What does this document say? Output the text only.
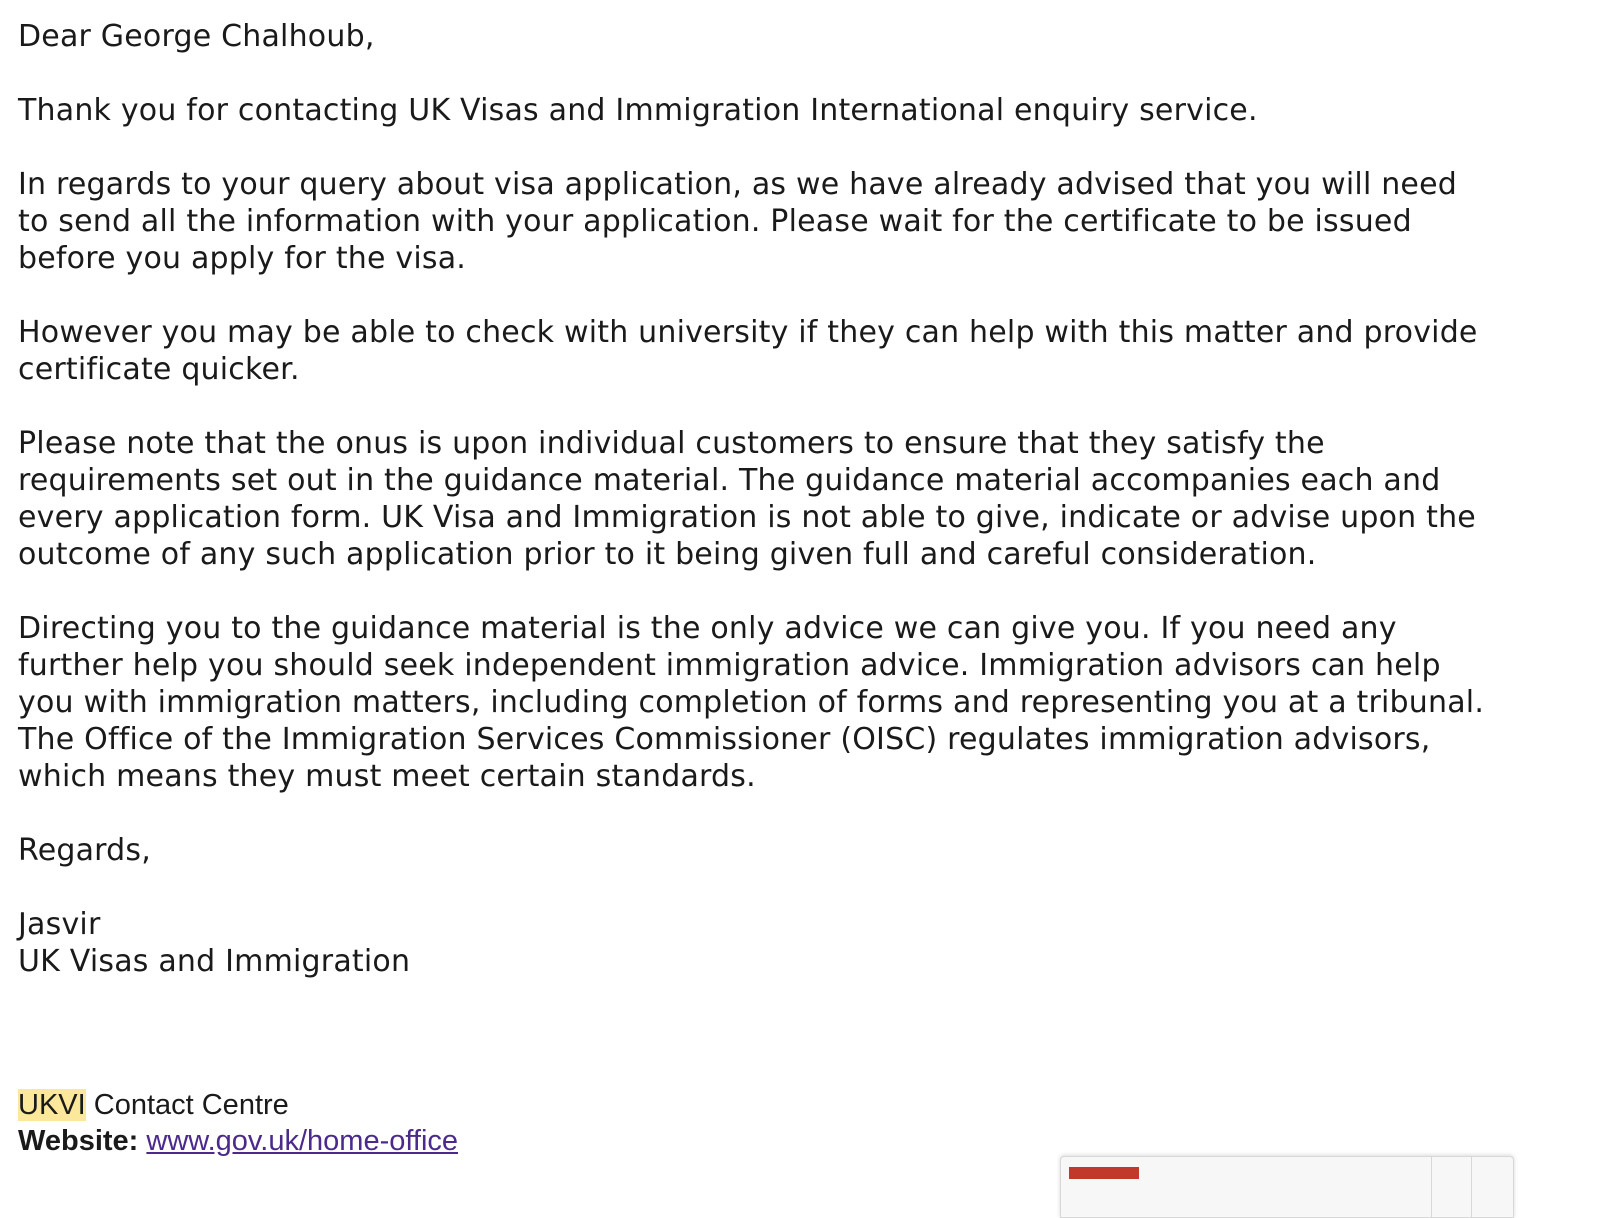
Dear George Chalhoub,

Thank you for contacting UK Visas and Immigration International enquiry service.

In regards to your query about visa application, as we have already advised that you will need
to send all the information with your application. Please wait for the certificate to be issued
before you apply for the visa.

However you may be able to check with university if they can help with this matter and provide
certificate quicker.

Please note that the onus is upon individual customers to ensure that they satisfy the
requirements set out in the guidance material. The guidance material accompanies each and
every application form. UK Visa and Immigration is not able to give, indicate or advise upon the
outcome of any such application prior to it being given full and careful consideration.

Directing you to the guidance material is the only advice we can give you. If you need any
further help you should seek independent immigration advice. Immigration advisors can help
you with immigration matters, including completion of forms and representing you at a tribunal.
The Office of the Immigration Services Commissioner (OISC) regulates immigration advisors,
which means they must meet certain standards.

Regards,

Jasvir
UK Visas and Immigration

UKVI Contact Centre
Website: www.gov.uk/home-office
